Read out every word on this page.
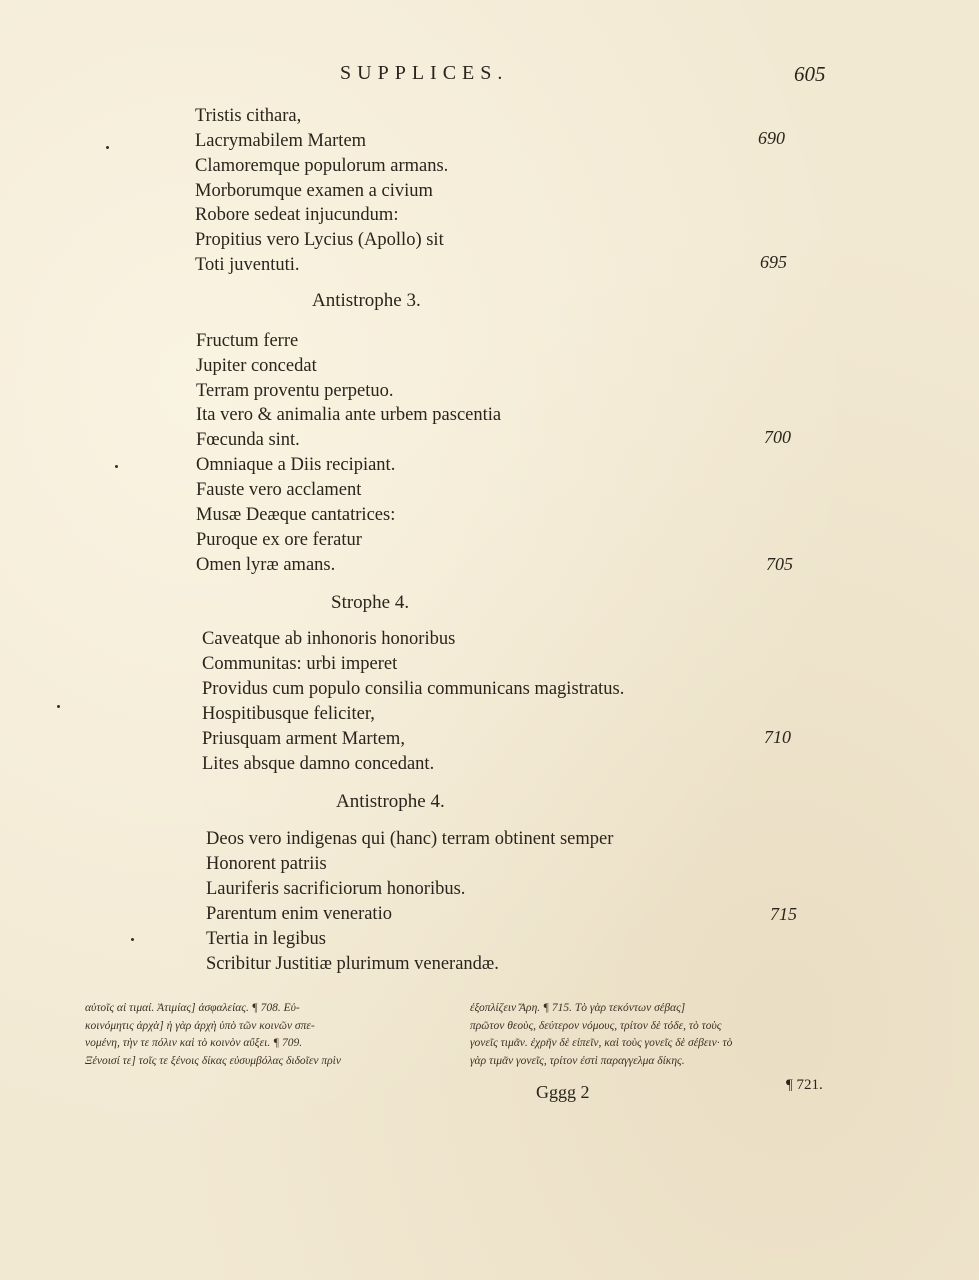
SUPPLICES.	605
Tristis cithara,
Lacrymabilem Martem
Clamoremque populorum armans.
Morborumque examen a civium
Robore sedeat injucundum:
Propitius vero Lycius (Apollo) sit
Toti juventuti.
Antistrophe 3.
Fructum ferre
Jupiter concedat
Terram proventu perpetuo.
Ita vero & animalia ante urbem pascentia
Fœcunda sint.
Omniaque a Diis recipiant.
Fauste vero acclament
Musæ Deæque cantatrices:
Puroque ex ore feratur
Omen lyræ amans.
Strophe 4.
Caveatque ab inhonoris honoribus
Communitas: urbi imperet
Providus cum populo consilia communicans magistratus.
Hospitibusque feliciter,
Priusquam arment Martem,
Lites absque damno concedant.
Antistrophe 4.
Deos vero indigenas qui (hanc) terram obtinent semper
Honorent patriis
Lauriferis sacrificiorum honoribus.
Parentum enim veneratio
Tertia in legibus
Scribitur Justitiæ plurimum venerandæ.
690
695
700
705
710
715
αὐτοῖς αἱ τιμαί. Ἀτιμίας] ἀσφαλείας. ¶ 708. Εὐ-
κοινόμητις ἀρχὰ] ἡ γὰρ ἀρχὴ ὑπὸ τῶν κοινῶν σπε-
νομένη, τὴν τε πόλιν καὶ τὸ κοινὸν αὔξει. ¶ 709.
Ξένοισί τε] τοῖς τε ξένοις δίκας εὐσυμβόλας διδοῖεν πρὶν
ἐξοπλίζειν Ἄρη. ¶ 715. Τὸ γὰρ τεκόντων σέβας]
πρῶτον θεοὺς, δεύτερον νόμους, τρίτον δὲ τόδε, τὸ τοὺς
γονεῖς τιμᾶν. ἐχρῆν δὲ εἰπεῖν, καὶ τοὺς γονεῖς δὲ σέβειν· τὸ
γὰρ τιμᾶν γονεῖς, τρίτον ἐστὶ παραγγελμα δίκης.
Gggg 2	¶ 721.
